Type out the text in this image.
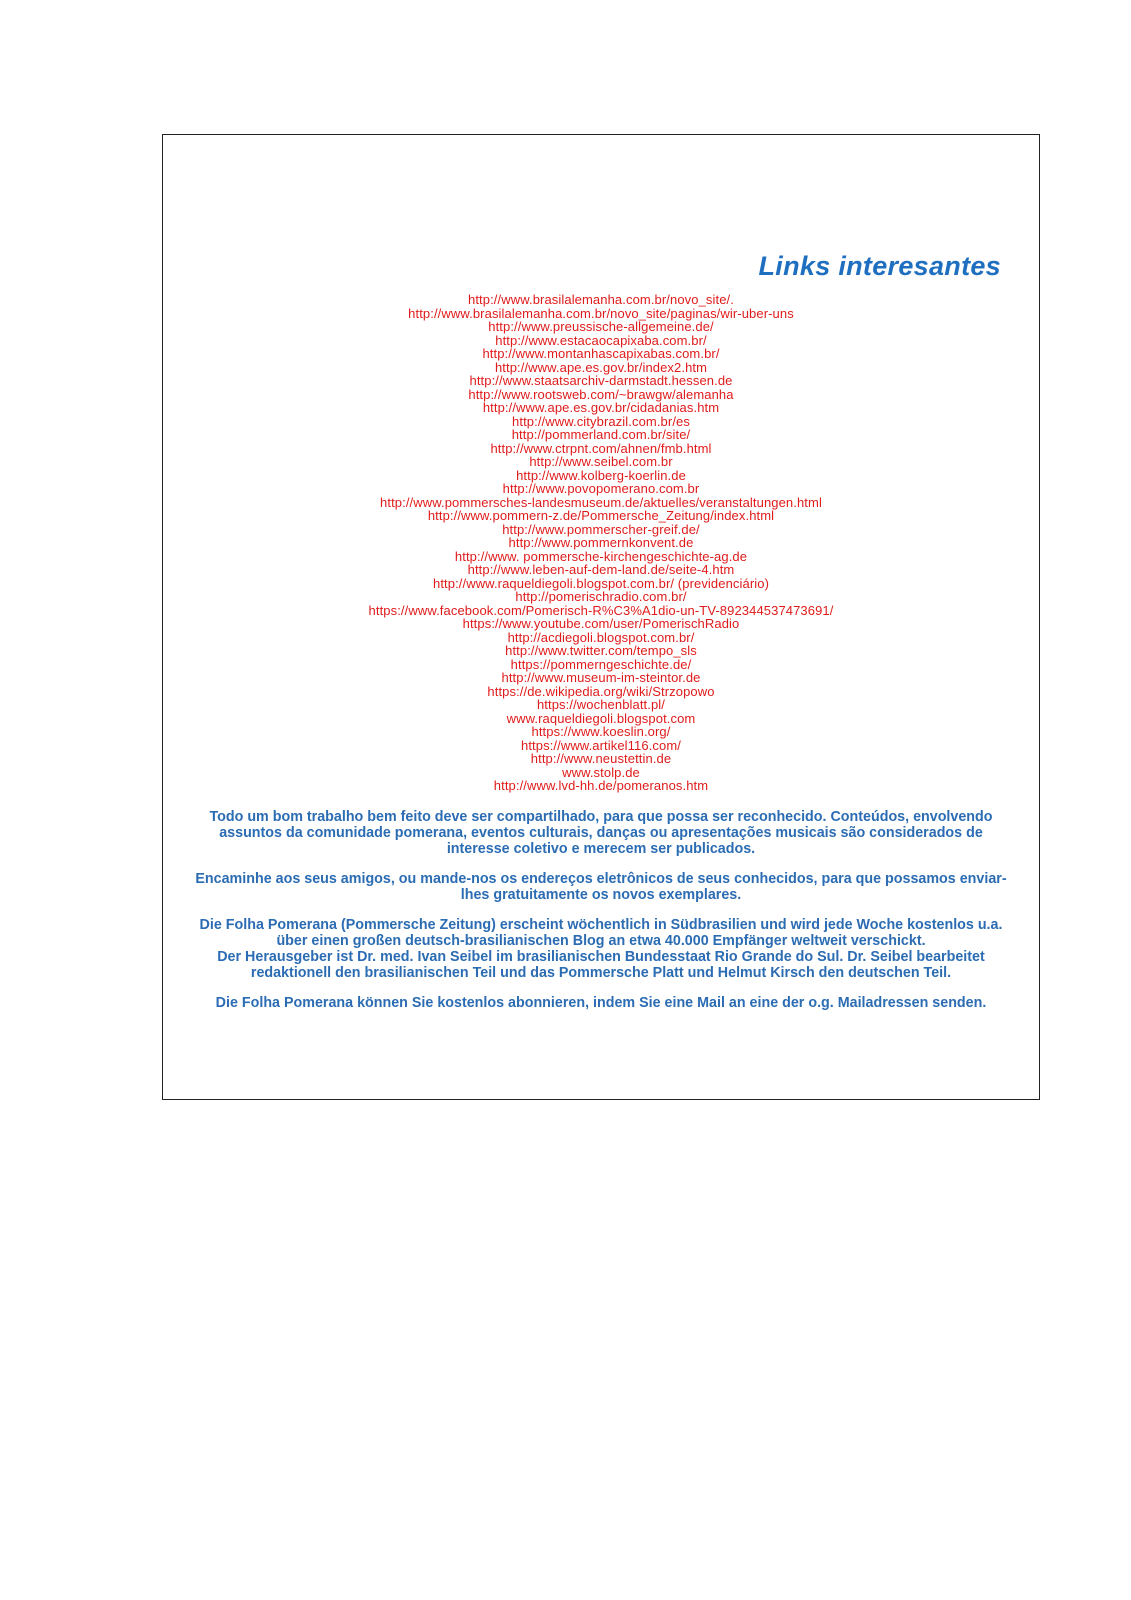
Links interesantes
http://www.brasilalemanha.com.br/novo_site/.
http://www.brasilalemanha.com.br/novo_site/paginas/wir-uber-uns
http://www.preussische-allgemeine.de/
http://www.estacaocapixaba.com.br/
http://www.montanhascapixabas.com.br/
http://www.ape.es.gov.br/index2.htm
http://www.staatsarchiv-darmstadt.hessen.de
http://www.rootsweb.com/~brawgw/alemanha
http://www.ape.es.gov.br/cidadanias.htm
http://www.citybrazil.com.br/es
http://pommerland.com.br/site/
http://www.ctrpnt.com/ahnen/fmb.html
http://www.seibel.com.br
http://www.kolberg-koerlin.de
http://www.povopomerano.com.br
http://www.pommersches-landesmuseum.de/aktuelles/veranstaltungen.html
http://www.pommern-z.de/Pommersche_Zeitung/index.html
http://www.pommerscher-greif.de/
http://www.pommernkonvent.de
http://www. pommersche-kirchengeschichte-ag.de
http://www.leben-auf-dem-land.de/seite-4.htm
http://www.raqueldiegoli.blogspot.com.br/ (previdenciário)
http://pomerischradio.com.br/
https://www.facebook.com/Pomerisch-R%C3%A1dio-un-TV-892344537473691/
https://www.youtube.com/user/PomerischRadio
http://acdiegoli.blogspot.com.br/
http://www.twitter.com/tempo_sls
https://pommerngeschichte.de/
http://www.museum-im-steintor.de
https://de.wikipedia.org/wiki/Strzopowo
https://wochenblatt.pl/
www.raqueldiegoli.blogspot.com
https://www.koeslin.org/
https://www.artikel116.com/
http://www.neustettin.de
www.stolp.de
http://www.lvd-hh.de/pomeranos.htm

Todo um bom trabalho bem feito deve ser compartilhado, para que possa ser reconhecido. Conteúdos, envolvendo assuntos da comunidade pomerana, eventos culturais, danças ou apresentações musicais são considerados de interesse coletivo e merecem ser publicados.

Encaminhe aos seus amigos, ou mande-nos os endereços eletrônicos de seus conhecidos, para que possamos enviar-lhes gratuitamente os novos exemplares.

Die Folha Pomerana (Pommersche Zeitung) erscheint wöchentlich in Südbrasilien und wird jede Woche kostenlos u.a. über einen großen deutsch-brasilianischen Blog an etwa 40.000 Empfänger weltweit verschickt.

Der Herausgeber ist Dr. med. Ivan Seibel im brasilianischen Bundesstaat Rio Grande do Sul. Dr. Seibel bearbeitet redaktionell den brasilianischen Teil und das Pommersche Platt und Helmut Kirsch den deutschen Teil.

Die Folha Pomerana können Sie kostenlos abonnieren, indem Sie eine Mail an eine der o.g. Mailadressen senden.
